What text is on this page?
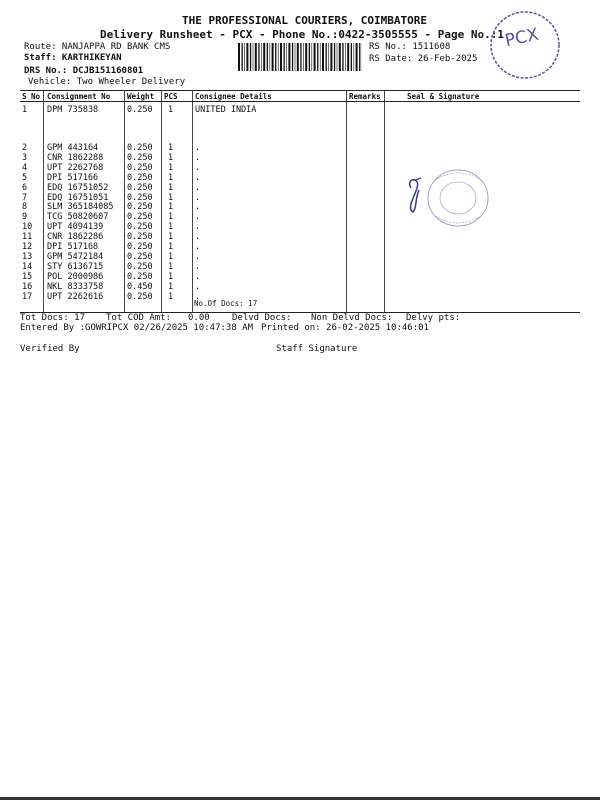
THE PROFESSIONAL COURIERS, COIMBATORE
Delivery Runsheet - PCX - Phone No.:0422-3505555 - Page No.:1
Route: NANJAPPA RD BANK CMS
Staff: KARTHIKEYAN
DRS No.: DCJB151160801
Vehicle: Two Wheeler Delivery
RS No.: 1511608
RS Date: 26-Feb-2025
PCX
S No Consignment No Weight PCS Consignee Details	Remarks	Seal & Signature
1 DPM 735838	0.250 1	UNITED INDIA
2 GPM 443164	0.250 1	.
3 CNR 1862288	0.250 1	.
4 UPT 2262768	0.250 1	.
5 DPI 517166	0.250 1	.
6 EDQ 16751052 0.250 1	.
7 EDQ 16751051 0.250 1	.
8 SLM 365184085 0.250 1	.
9 TCG 50820607 0.250 1	.
10 UPT 4094139	0.250 1	.
11 CNR 1862286	0.250 1	.
12 DPI 517168	0.250 1	.
13 GPM 5472184	0.250 1	.
14 STY 6136715	0.250 1	.
15 POL 2000986	0.250 1	.
16 NKL 8333758	0.450 1	.
17 UPT 2262616	0.250 1	.
No.Of Docs: 17
Tot Docs: 17 Tot COD Amt: 0.00 Delvd Docs: Non Delvd Docs: Delvy pts:
Entered By :GOWRIPCX 02/26/2025 10:47:38 AM Printed on: 26-02-2025 10:46:01
Verified By	Staff Signature
